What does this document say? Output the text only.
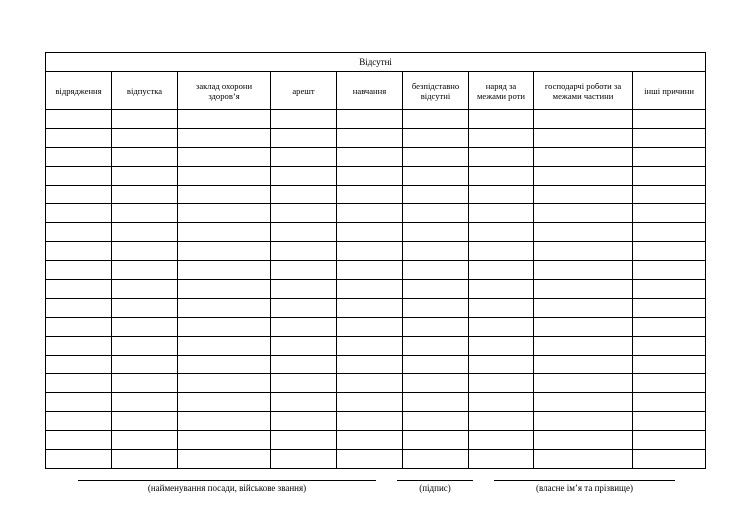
Відсутні								
відрядження	відпустка	заклад охорони здоров’я	арешт	навчання	безпідставно відсутні	наряд за межами роти	господарчі роботи за межами частини	інші причини

(найменування посади, військове звання)	(підпис)	(власне ім’я та прізвище)
